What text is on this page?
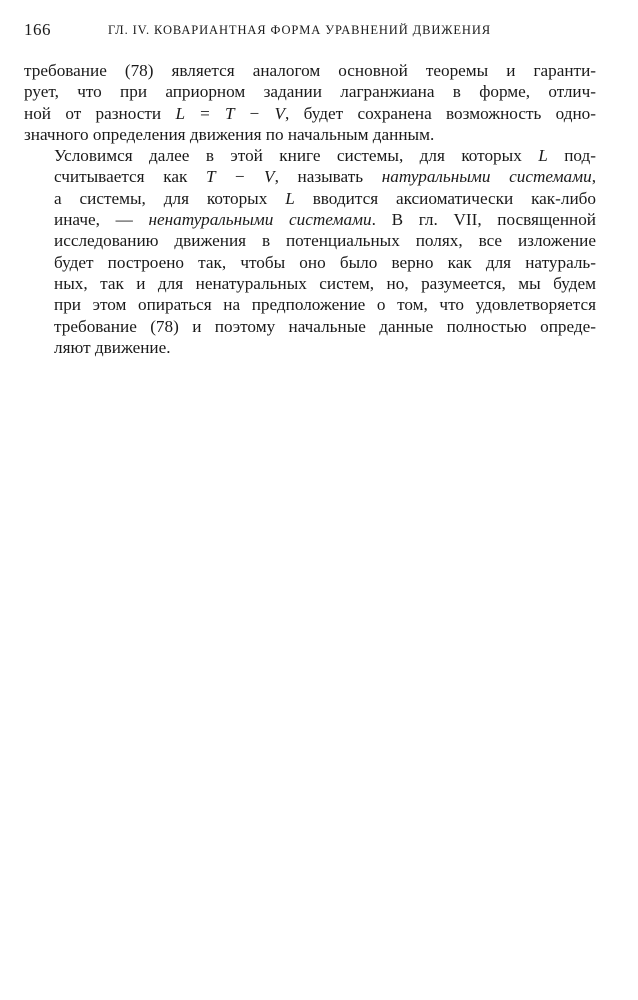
166	ГЛ. IV. КОВАРИАНТНАЯ ФОРМА УРАВНЕНИЙ ДВИЖЕНИЯ

требование (78) является аналогом основной теоремы и гаранти-
рует, что при априорном задании лагранжиана в форме, отлич-
ной от разности L = T − V, будет сохранена возможность одно-
значного определения движения по начальным данным.

Условимся далее в этой книге системы, для которых L под-
считывается как T − V, называть натуральными системами,
а системы, для которых L вводится аксиоматически как-либо
иначе, — ненатуральными системами. В гл. VII, посвященной
исследованию движения в потенциальных полях, все изложение
будет построено так, чтобы оно было верно как для натураль-
ных, так и для ненатуральных систем, но, разумеется, мы будем
при этом опираться на предположение о том, что удовлетворяется
требование (78) и поэтому начальные данные полностью опреде-
ляют движение.
